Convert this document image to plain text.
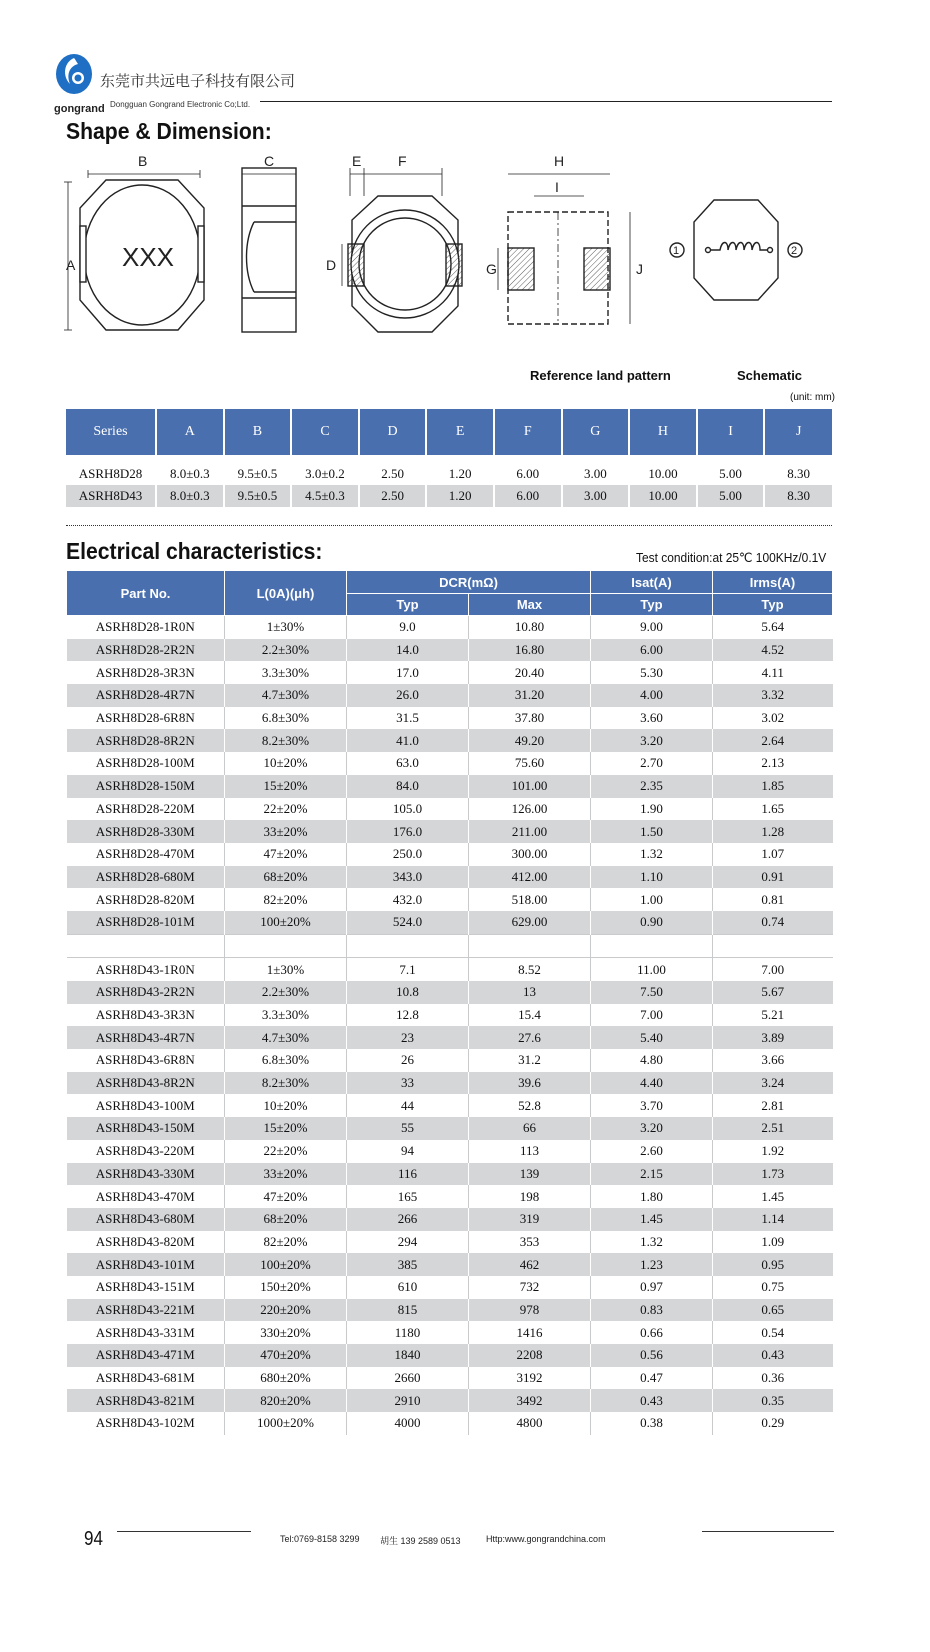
东莞市共远电子科技有限公司
Dongguan Gongrand Electronic Co;Ltd.
gongrand
Shape & Dimension:
B	C	E	F	H
I
A	D	G	J
XXX	1	2
Reference land pattern	Schematic
(unit: mm)
Series	A	B	C	D	E	F	G	H	I	J

ASRH8D28	8.0±0.3	9.5±0.5	3.0±0.2	2.50	1.20	6.00	3.00	10.00	5.00	8.30
ASRH8D43	8.0±0.3	9.5±0.5	4.5±0.3	2.50	1.20	6.00	3.00	10.00	5.00	8.30
Electrical characteristics:	Test condition:at 25℃ 100KHz/0.1V
Part No.	L(0A)(μh)	DCR(mΩ)		Isat(A)	Irms(A)
		Typ	Max	Typ	Typ
ASRH8D28-1R0N	1±30%	9.0	10.80	9.00	5.64
ASRH8D28-2R2N	2.2±30%	14.0	16.80	6.00	4.52
ASRH8D28-3R3N	3.3±30%	17.0	20.40	5.30	4.11
ASRH8D28-4R7N	4.7±30%	26.0	31.20	4.00	3.32
ASRH8D28-6R8N	6.8±30%	31.5	37.80	3.60	3.02
ASRH8D28-8R2N	8.2±30%	41.0	49.20	3.20	2.64
ASRH8D28-100M	10±20%	63.0	75.60	2.70	2.13
ASRH8D28-150M	15±20%	84.0	101.00	2.35	1.85
ASRH8D28-220M	22±20%	105.0	126.00	1.90	1.65
ASRH8D28-330M	33±20%	176.0	211.00	1.50	1.28
ASRH8D28-470M	47±20%	250.0	300.00	1.32	1.07
ASRH8D28-680M	68±20%	343.0	412.00	1.10	0.91
ASRH8D28-820M	82±20%	432.0	518.00	1.00	0.81
ASRH8D28-101M	100±20%	524.0	629.00	0.90	0.74

ASRH8D43-1R0N	1±30%	7.1	8.52	11.00	7.00
ASRH8D43-2R2N	2.2±30%	10.8	13	7.50	5.67
ASRH8D43-3R3N	3.3±30%	12.8	15.4	7.00	5.21
ASRH8D43-4R7N	4.7±30%	23	27.6	5.40	3.89
ASRH8D43-6R8N	6.8±30%	26	31.2	4.80	3.66
ASRH8D43-8R2N	8.2±30%	33	39.6	4.40	3.24
ASRH8D43-100M	10±20%	44	52.8	3.70	2.81
ASRH8D43-150M	15±20%	55	66	3.20	2.51
ASRH8D43-220M	22±20%	94	113	2.60	1.92
ASRH8D43-330M	33±20%	116	139	2.15	1.73
ASRH8D43-470M	47±20%	165	198	1.80	1.45
ASRH8D43-680M	68±20%	266	319	1.45	1.14
ASRH8D43-820M	82±20%	294	353	1.32	1.09
ASRH8D43-101M	100±20%	385	462	1.23	0.95
ASRH8D43-151M	150±20%	610	732	0.97	0.75
ASRH8D43-221M	220±20%	815	978	0.83	0.65
ASRH8D43-331M	330±20%	1180	1416	0.66	0.54
ASRH8D43-471M	470±20%	1840	2208	0.56	0.43
ASRH8D43-681M	680±20%	2660	3192	0.47	0.36
ASRH8D43-821M	820±20%	2910	3492	0.43	0.35
ASRH8D43-102M	1000±20%	4000	4800	0.38	0.29
94	Tel:0769-8158 3299 胡生 139 2589 0513	Http:www.gongrandchina.com
